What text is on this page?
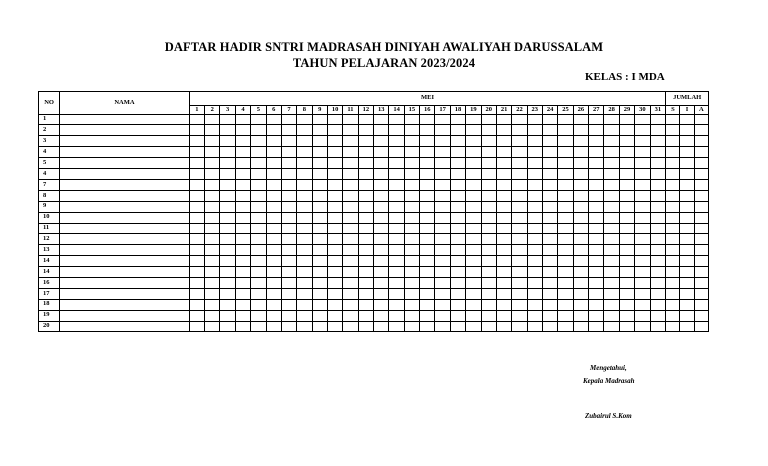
DAFTAR HADIR SNTRI MADRASAH DINIYAH AWALIYAH DARUSSALAM
TAHUN PELAJARAN 2023/2024
KELAS : I MDA
NO	NAMA	MEI																															JUMLAH		
		1	2	3	4	5	6	7	8	9	10	11	12	13	14	15	16	17	18	19	20	21	22	23	24	25	26	27	28	29	30	31	S	I	A
1																																			
2																																			
3																																			
4																																			
5																																			
4																																			
7																																			
8																																			
9																																			
10																																			
11																																			
12																																			
13																																			
14																																			
14																																			
16																																			
17																																			
18																																			
19																																			
20																																			
Mengetahui,
Kepala Madrasah
Zubairul S.Kom
